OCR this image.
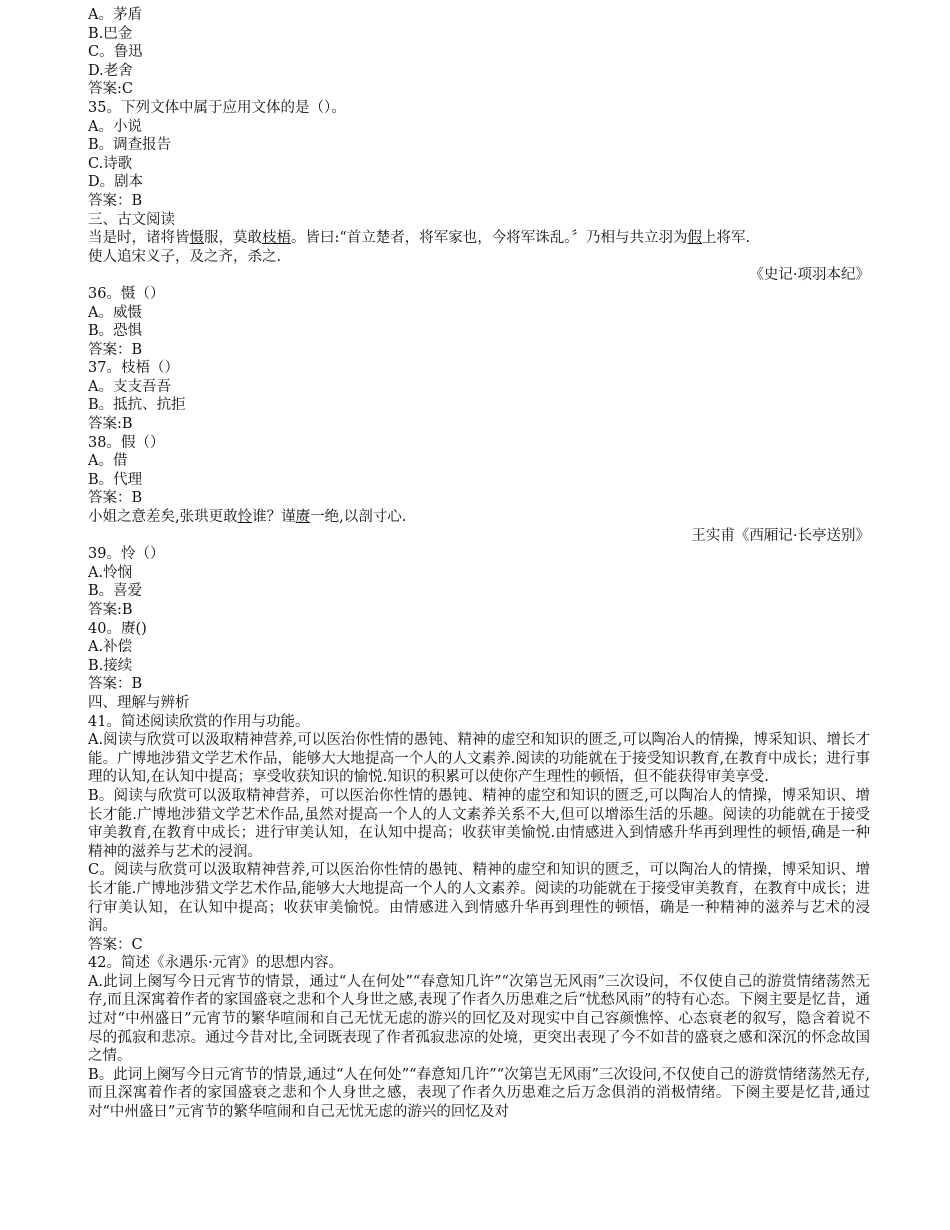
A。茅盾
B.巴金
C。鲁迅
D.老舍
答案:C
35。下列文体中属于应用文体的是（）。
A。小说
B。调查报告
C.诗歌
D。剧本
答案：B
三、古文阅读
当是时，诸将皆慑服，莫敢枝梧。皆曰:“首立楚者，将军家也，今将军诛乱。〞乃相与共立羽为假上将军.
使人追宋义子，及之齐，杀之.
《史记·项羽本纪》
36。慑（）
A。威慑
B。恐惧
答案：B
37。枝梧（）
A。支支吾吾
B。抵抗、抗拒
答案:B
38。假（）
A。借
B。代理
答案：B
小姐之意差矣,张珙更敢怜谁？谨赓一绝,以剖寸心.
王实甫《西厢记·长亭送别》
39。怜（）
A.怜悯
B。喜爱
答案:B
40。赓()
A.补偿
B.接续
答案：B
四、理解与辨析
41。简述阅读欣赏的作用与功能。
A.阅读与欣赏可以汲取精神营养,可以医治你性情的愚钝、精神的虚空和知识的匮乏,可以陶冶人的情操，博采知识、增长才能。广博地涉猎文学艺术作品，能够大大地提高一个人的人文素养.阅读的功能就在于接受知识教育,在教育中成长；进行事理的认知,在认知中提高；享受收获知识的愉悦.知识的积累可以使你产生理性的顿悟，但不能获得审美享受.
B。阅读与欣赏可以汲取精神营养，可以医治你性情的愚钝、精神的虚空和知识的匮乏,可以陶冶人的情操，博采知识、增长才能.广博地涉猎文学艺术作品,虽然对提高一个人的人文素养关系不大,但可以增添生活的乐趣。阅读的功能就在于接受审美教育,在教育中成长；进行审美认知，在认知中提高；收获审美愉悦.由情感进入到情感升华再到理性的顿悟,确是一种精神的滋养与艺术的浸润。
C。阅读与欣赏可以汲取精神营养,可以医治你性情的愚钝、精神的虚空和知识的匮乏，可以陶冶人的情操，博采知识、增长才能.广博地涉猎文学艺术作品,能够大大地提高一个人的人文素养。阅读的功能就在于接受审美教育，在教育中成长；进行审美认知，在认知中提高；收获审美愉悦。由情感进入到情感升华再到理性的顿悟，确是一种精神的滋养与艺术的浸润。
答案：C
42。简述《永遇乐·元宵》的思想内容。
A.此词上阕写今日元宵节的情景，通过“人在何处”“春意知几许”“次第岂无风雨”三次设问，不仅使自己的游赏情绪荡然无存,而且深寓着作者的家国盛衰之悲和个人身世之感,表现了作者久历患难之后“忧愁风雨”的特有心态。下阕主要是忆昔，通过对“中州盛日”元宵节的繁华喧闹和自己无忧无虑的游兴的回忆及对现实中自己容颜憔悴、心态衰老的叙写，隐含着说不尽的孤寂和悲凉。通过今昔对比,全词既表现了作者孤寂悲凉的处境，更突出表现了今不如昔的盛衰之感和深沉的怀念故国之情。
B。此词上阕写今日元宵节的情景,通过“人在何处”“春意知几许”“次第岂无风雨”三次设问,不仅使自己的游赏情绪荡然无存,而且深寓着作者的家国盛衰之悲和个人身世之感，表现了作者久历患难之后万念俱消的消极情绪。下阕主要是忆昔,通过对“中州盛日”元宵节的繁华喧闹和自己无忧无虑的游兴的回忆及对
